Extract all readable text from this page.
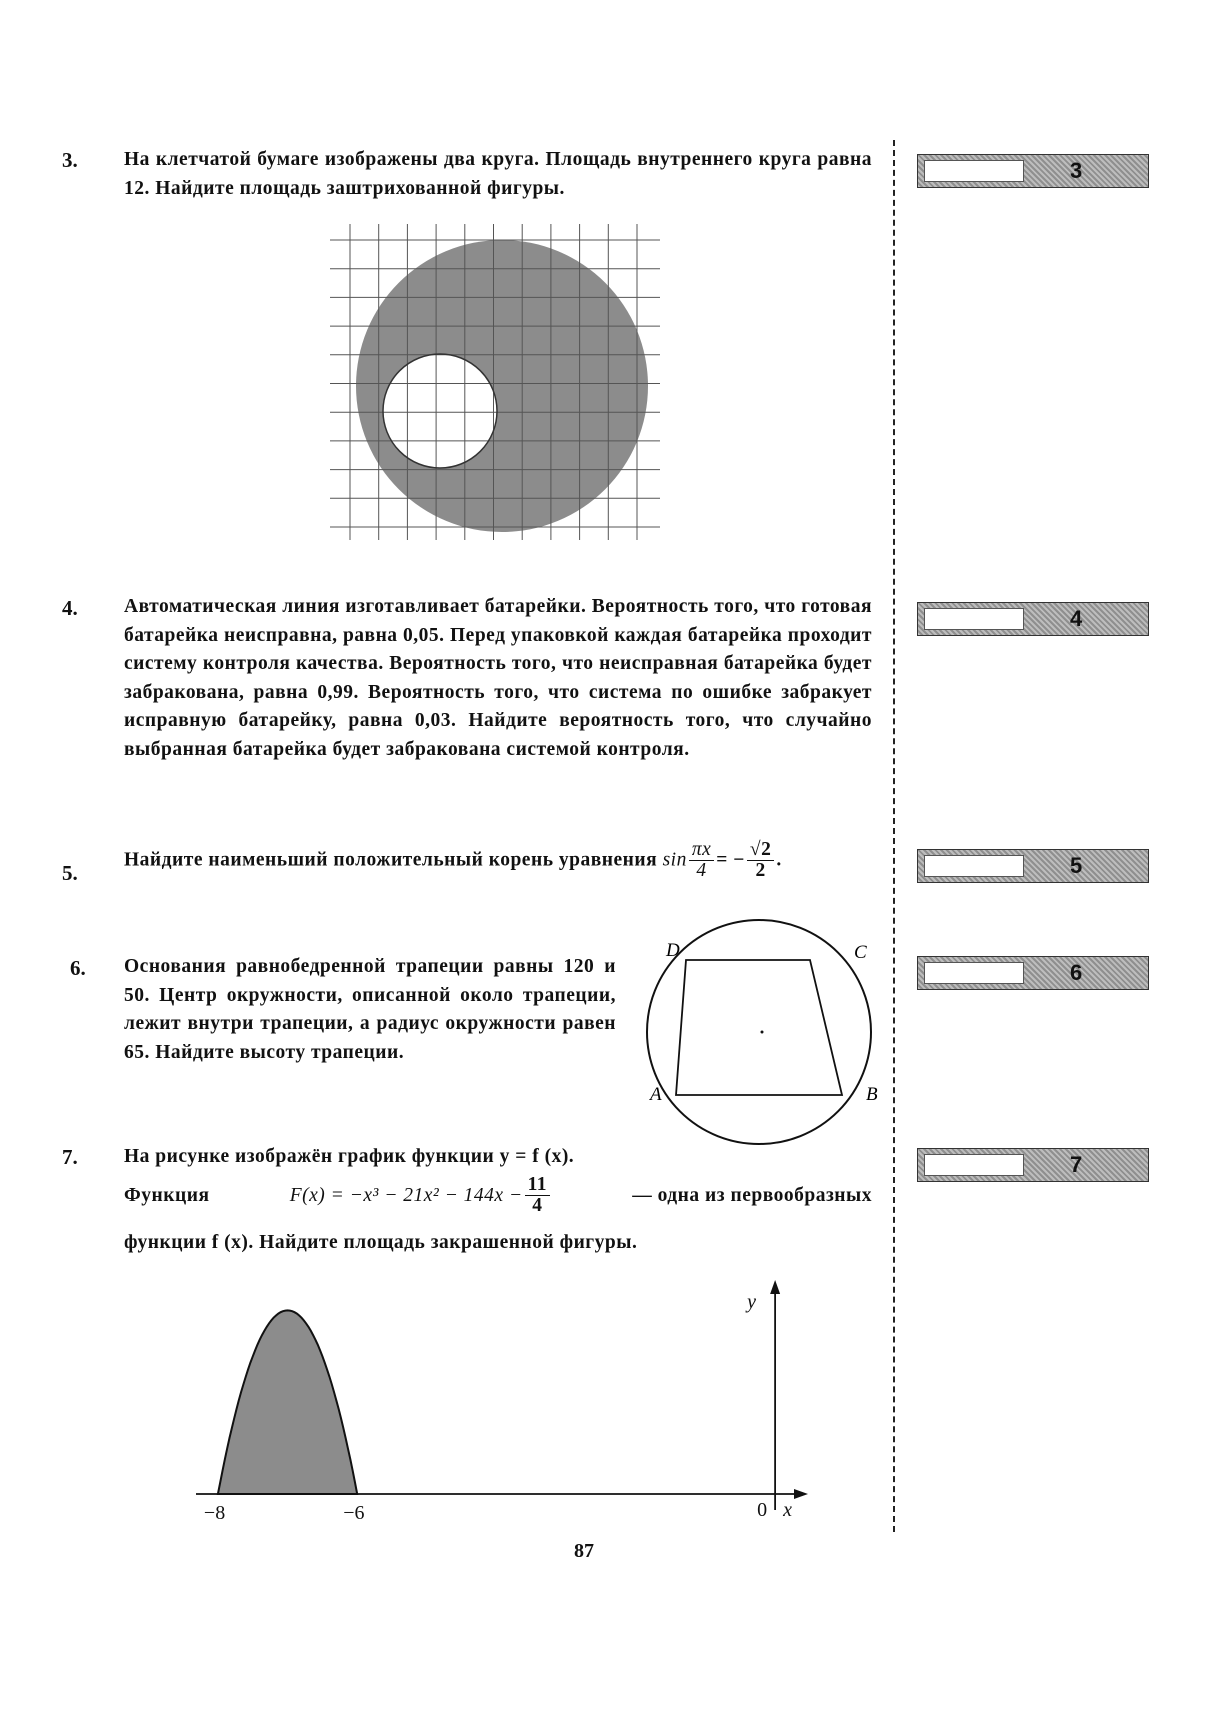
3. На клетчатой бумаге изображены два круга. Площадь внутреннего круга равна 12. Найдите площадь заштрихованной фигуры.
3
4. Автоматическая линия изготавливает батарейки. Вероятность того, что готовая батарейка неисправна, равна 0,05. Перед упаковкой каждая батарейка проходит систему контроля качества. Вероятность того, что неисправная батарейка будет забракована, равна 0,99. Вероятность того, что система по ошибке забракует исправную батарейку, равна 0,03. Найдите вероятность того, что случайно выбранная батарейка будет забракована системой контроля.
4
5.
Найдите наименьший положительный корень уравнения $\sin \frac{\pi x}{4}$ = − $\frac{√2}{2}$ .	5
6. Основания равнобедренной трапеции равны 120 и 50. Центр окружности, описанной около трапеции, лежит внутри трапеции, а радиус окружности равен 65. Найдите высоту трапеции.
6
A	B
C
D
7. На рисунке изображён график функции y = f (x).
Функция	$F(x) = -x^3 - 21x^2 - 144x - \frac{11}{4}$	— одна из первообразных
функции f (x). Найдите площадь закрашенной фигуры.
7
−8	−6	0 x
y
87
